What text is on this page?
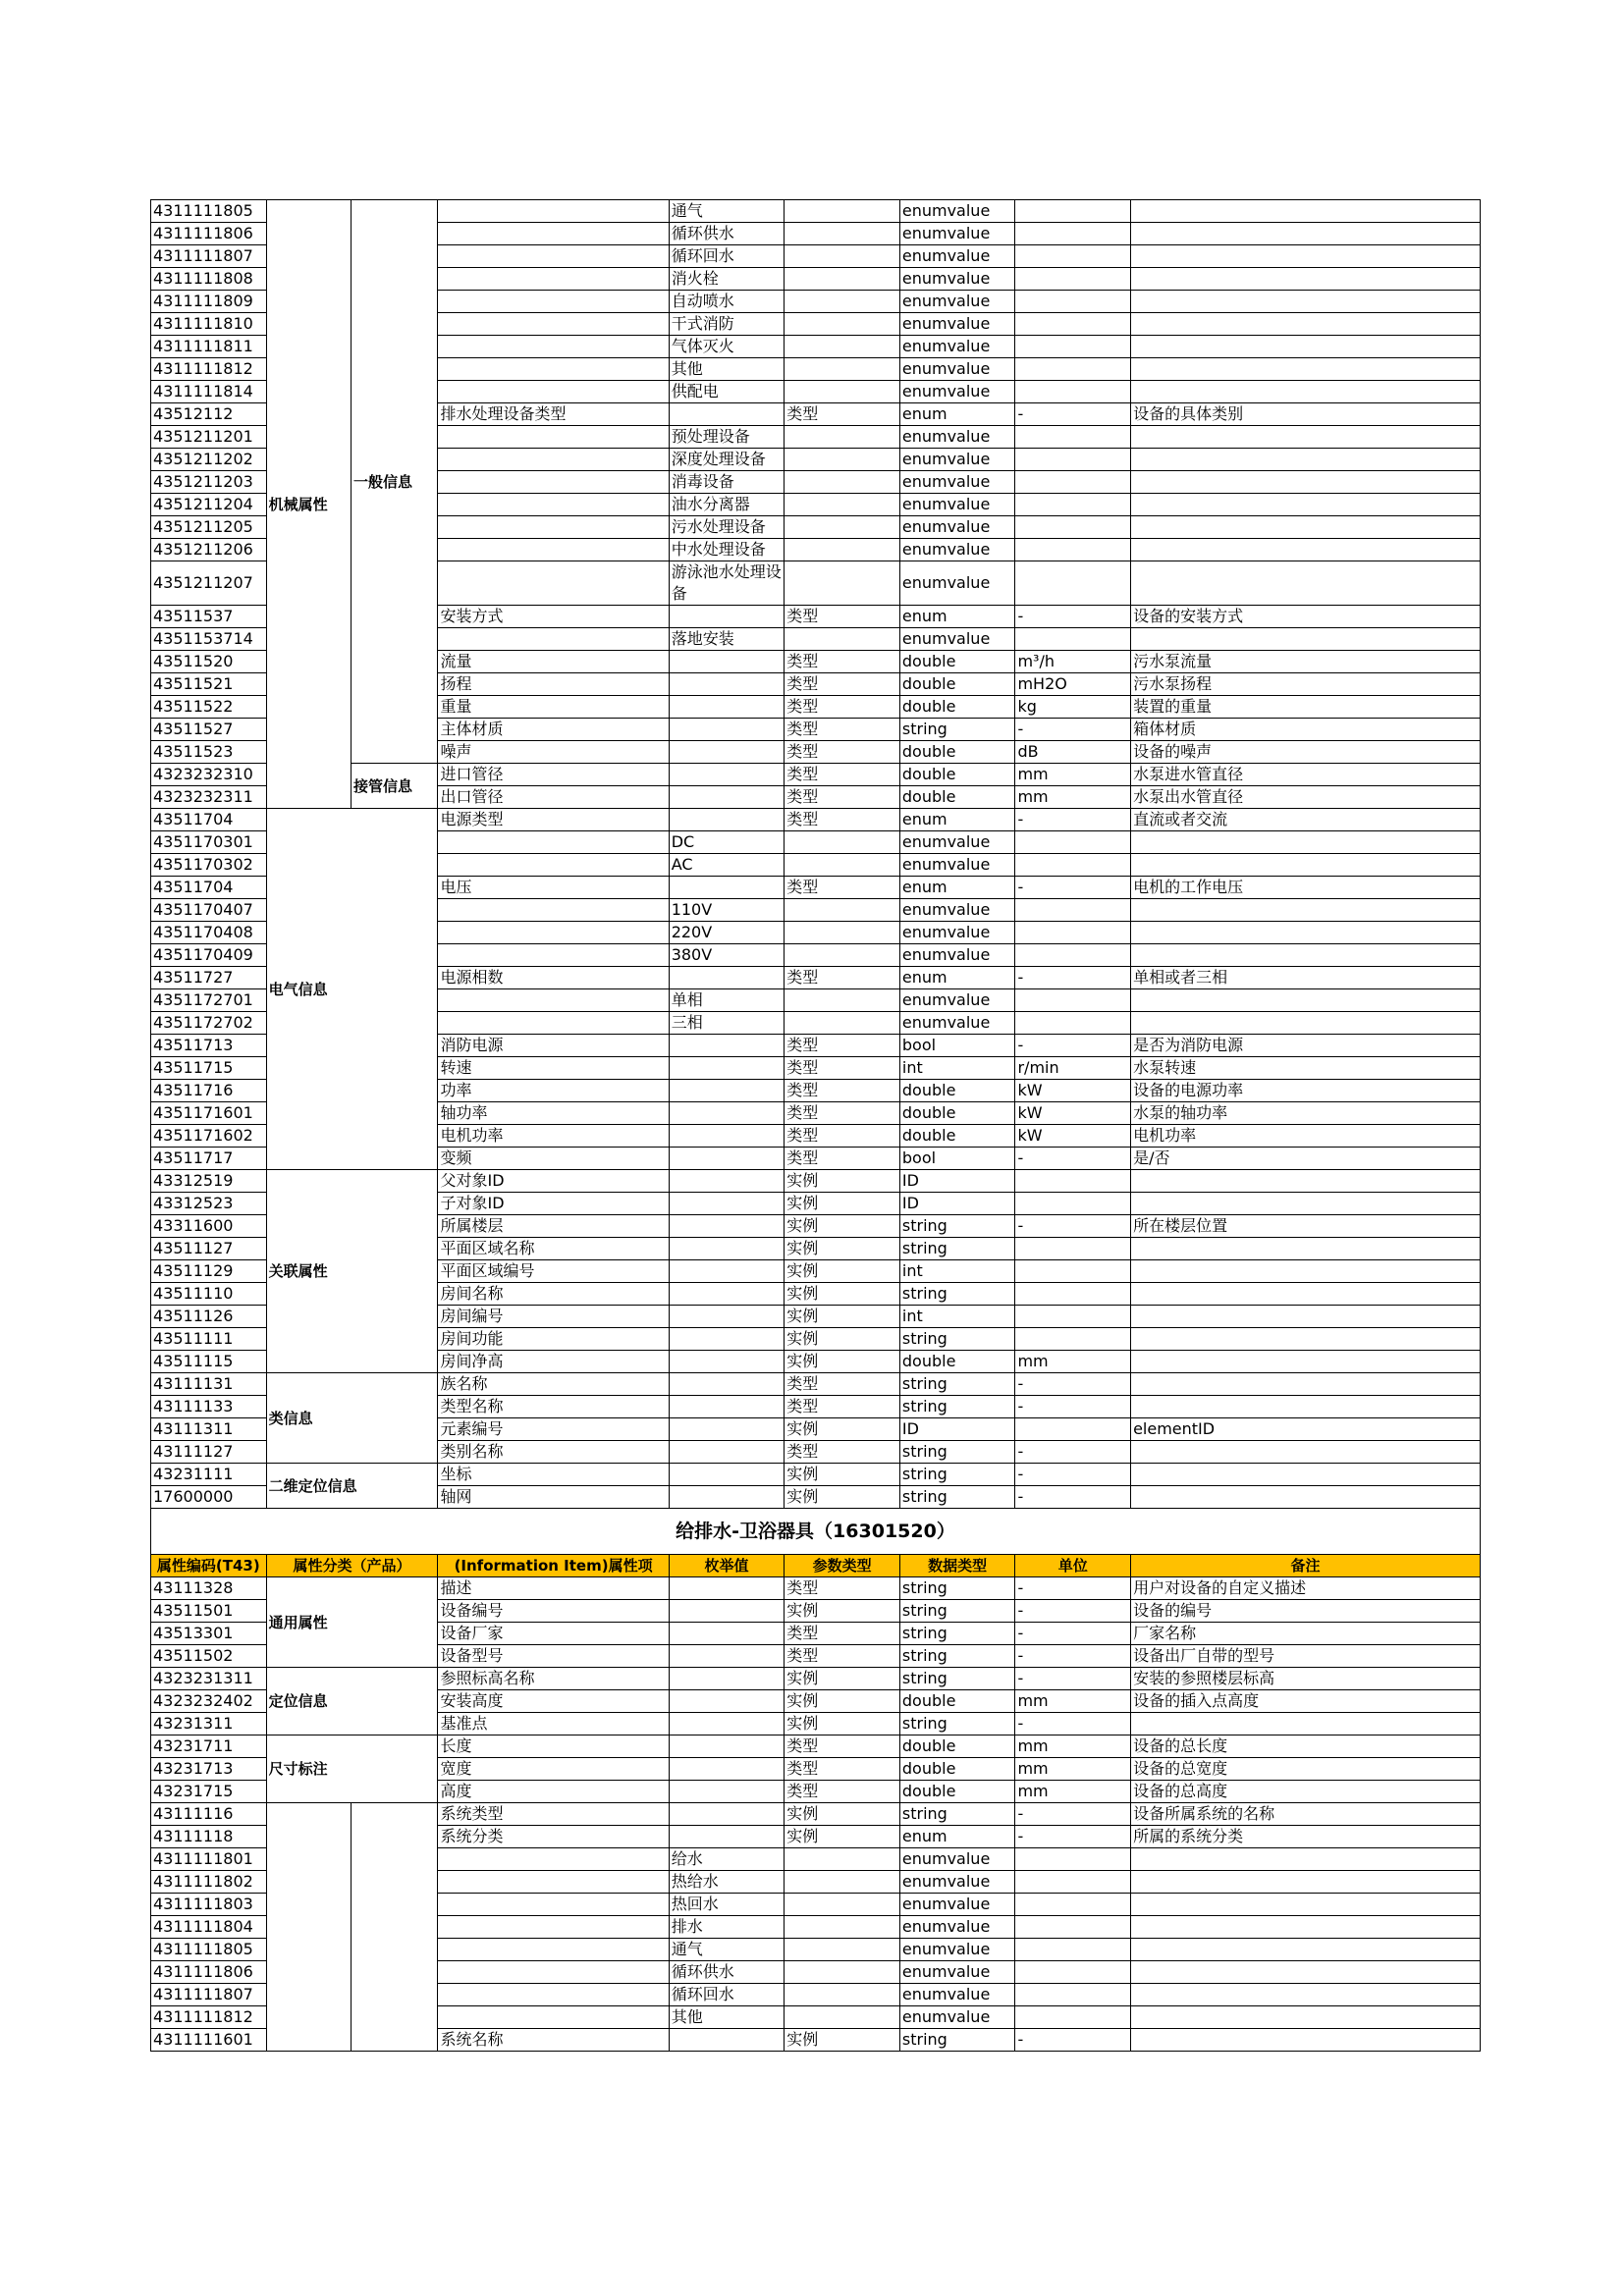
4311111805	机械属性	一般信息		通气		enumvalue		
4311111806				循环供水		enumvalue		
4311111807				循环回水		enumvalue		
4311111808				消火栓		enumvalue		
4311111809				自动喷水		enumvalue		
4311111810				干式消防		enumvalue		
4311111811				气体灭火		enumvalue		
4311111812				其他		enumvalue		
4311111814				供配电		enumvalue		
43512112			排水处理设备类型		类型	enum	-	设备的具体类别
4351211201				预处理设备		enumvalue		
4351211202				深度处理设备		enumvalue		
4351211203				消毒设备		enumvalue		
4351211204				油水分离器		enumvalue		
4351211205				污水处理设备		enumvalue		
4351211206				中水处理设备		enumvalue		
4351211207				游泳池水处理设备		enumvalue		
43511537			安装方式		类型	enum	-	设备的安装方式
4351153714				落地安装		enumvalue		
43511520			流量		类型	double	m³/h	污水泵流量
43511521			扬程		类型	double	mH2O	污水泵扬程
43511522			重量		类型	double	kg	装置的重量
43511527			主体材质		类型	string	-	箱体材质
43511523			噪声		类型	double	dB	设备的噪声
4323232310		接管信息	进口管径		类型	double	mm	水泵进水管直径
4323232311			出口管径		类型	double	mm	水泵出水管直径
43511704	电气信息		电源类型		类型	enum	-	直流或者交流
4351170301				DC		enumvalue		
4351170302				AC		enumvalue		
43511704			电压		类型	enum	-	电机的工作电压
4351170407				110V		enumvalue		
4351170408				220V		enumvalue		
4351170409				380V		enumvalue		
43511727			电源相数		类型	enum	-	单相或者三相
4351172701				单相		enumvalue		
4351172702				三相		enumvalue		
43511713			消防电源		类型	bool	-	是否为消防电源
43511715			转速		类型	int	r/min	水泵转速
43511716			功率		类型	double	kW	设备的电源功率
4351171601			轴功率		类型	double	kW	水泵的轴功率
4351171602			电机功率		类型	double	kW	电机功率
43511717			变频		类型	bool	-	是/否
43312519	关联属性		父对象ID		实例	ID		
43312523			子对象ID		实例	ID		
43311600			所属楼层		实例	string	-	所在楼层位置
43511127			平面区域名称		实例	string		
43511129			平面区域编号		实例	int		
43511110			房间名称		实例	string		
43511126			房间编号		实例	int		
43511111			房间功能		实例	string		
43511115			房间净高		实例	double	mm	
43111131	类信息		族名称		类型	string	-	
43111133			类型名称		类型	string	-	
43111311			元素编号		实例	ID		elementID
43111127			类别名称		类型	string	-	
43231111	二维定位信息		坐标		实例	string	-	
17600000			轴网		实例	string	-	
给排水-卫浴器具（16301520）								
属性编码(T43)	属性分类（产品）		(Information Item)属性项	枚举值	参数类型	数据类型	单位	备注
43111328	通用属性		描述		类型	string	-	用户对设备的自定义描述
43511501			设备编号		实例	string	-	设备的编号
43513301			设备厂家		类型	string	-	厂家名称
43511502			设备型号		类型	string	-	设备出厂自带的型号
4323231311	定位信息		参照标高名称		实例	string	-	安装的参照楼层标高
4323232402			安装高度		实例	double	mm	设备的插入点高度
43231311			基准点		实例	string	-	
43231711	尺寸标注		长度		类型	double	mm	设备的总长度
43231713			宽度		类型	double	mm	设备的总宽度
43231715			高度		类型	double	mm	设备的总高度
43111116			系统类型		实例	string	-	设备所属系统的名称
43111118			系统分类		实例	enum	-	所属的系统分类
4311111801				给水		enumvalue		
4311111802				热给水		enumvalue		
4311111803				热回水		enumvalue		
4311111804				排水		enumvalue		
4311111805				通气		enumvalue		
4311111806				循环供水		enumvalue		
4311111807				循环回水		enumvalue		
4311111812				其他		enumvalue		
4311111601			系统名称		实例	string	-	
